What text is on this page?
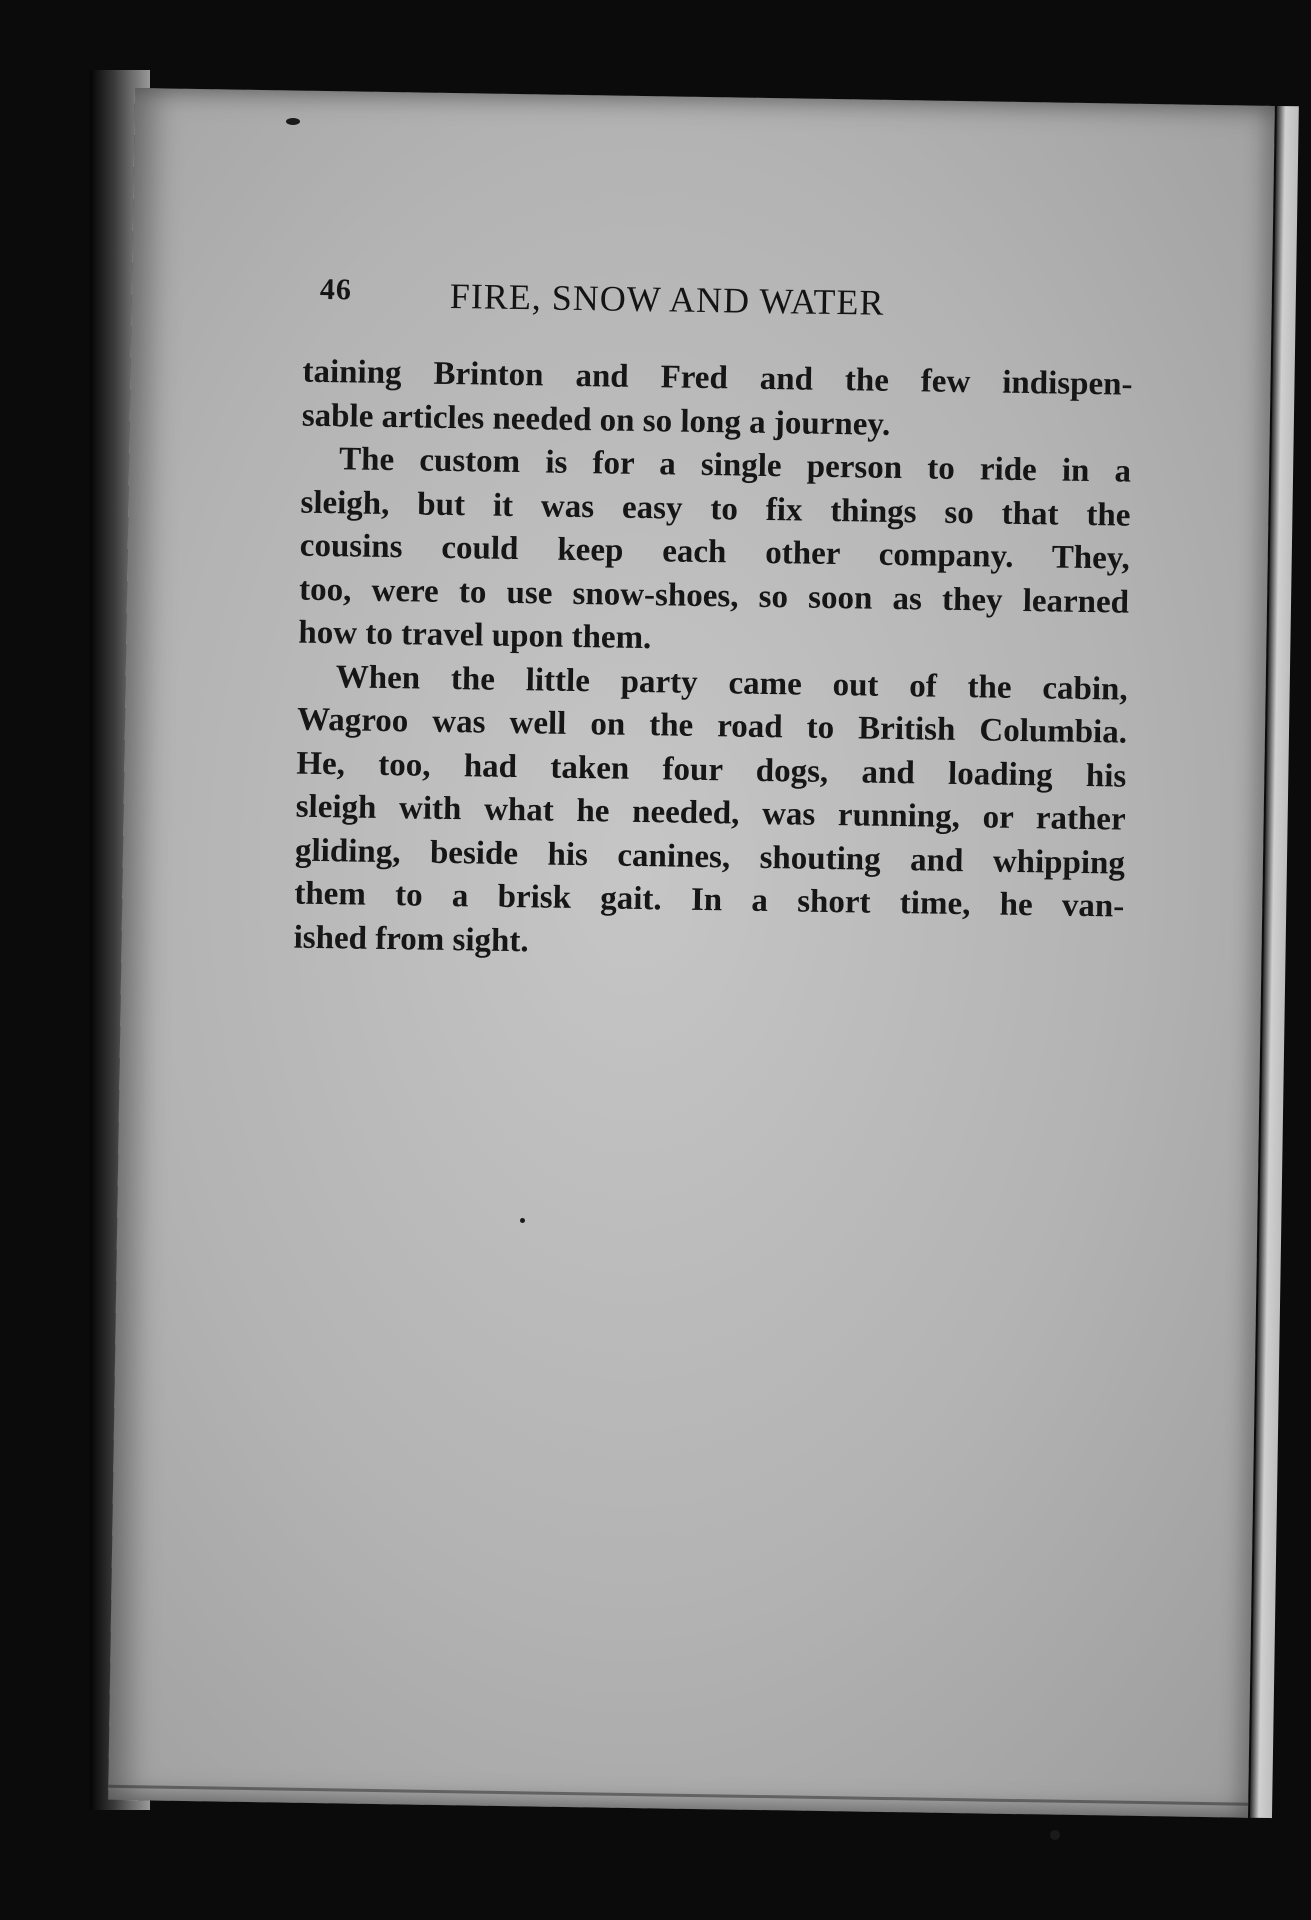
46	FIRE, SNOW AND WATER
taining Brinton and Fred and the few indispen-
sable articles needed on so long a journey.
The custom is for a single person to ride in a
sleigh, but it was easy to fix things so that the
cousins could keep each other company. They,
too, were to use snow-shoes, so soon as they learned
how to travel upon them.
When the little party came out of the cabin,
Wagroo was well on the road to British Columbia.
He, too, had taken four dogs, and loading his
sleigh with what he needed, was running, or rather
gliding, beside his canines, shouting and whipping
them to a brisk gait. In a short time, he van-
ished from sight.
